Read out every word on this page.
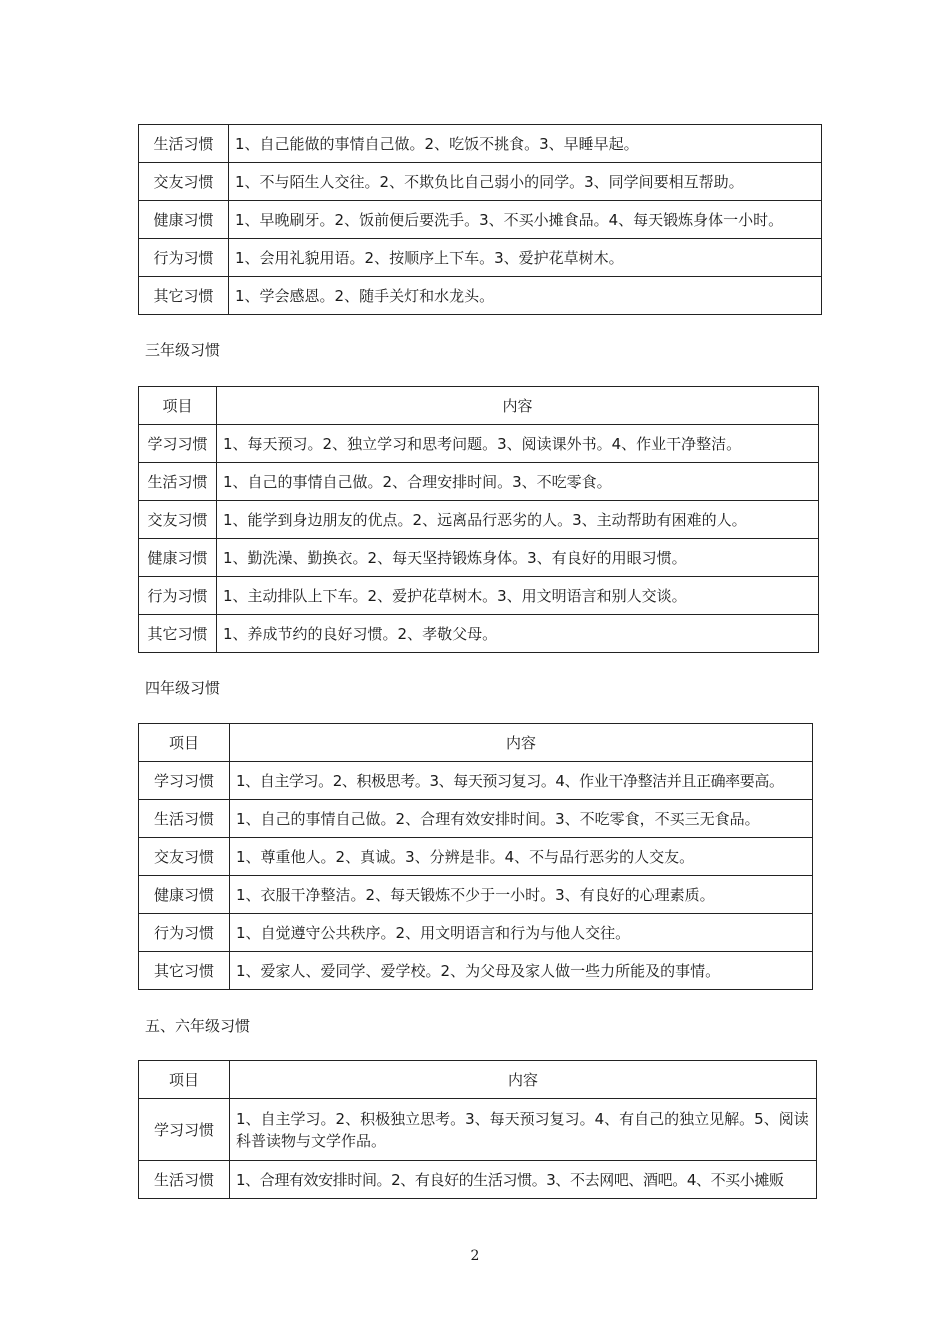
生活习惯	1、自己能做的事情自己做。2、吃饭不挑食。3、早睡早起。
交友习惯	1、不与陌生人交往。2、不欺负比自己弱小的同学。3、同学间要相互帮助。
健康习惯	1、早晚刷牙。2、饭前便后要洗手。3、不买小摊食品。4、每天锻炼身体一小时。
行为习惯	1、会用礼貌用语。2、按顺序上下车。3、爱护花草树木。
其它习惯	1、学会感恩。2、随手关灯和水龙头。
三年级习惯
项目	内容
学习习惯	1、每天预习。2、独立学习和思考问题。3、阅读课外书。4、作业干净整洁。
生活习惯	1、自己的事情自己做。2、合理安排时间。3、不吃零食。
交友习惯	1、能学到身边朋友的优点。2、远离品行恶劣的人。3、主动帮助有困难的人。
健康习惯	1、勤洗澡、勤换衣。2、每天坚持锻炼身体。3、有良好的用眼习惯。
行为习惯	1、主动排队上下车。2、爱护花草树木。3、用文明语言和别人交谈。
其它习惯	1、养成节约的良好习惯。2、孝敬父母。
四年级习惯
项目	内容
学习习惯	1、自主学习。2、积极思考。3、每天预习复习。4、作业干净整洁并且正确率要高。
生活习惯	1、自己的事情自己做。2、合理有效安排时间。3、不吃零食，不买三无食品。
交友习惯	1、尊重他人。2、真诚。3、分辨是非。4、不与品行恶劣的人交友。
健康习惯	1、衣服干净整洁。2、每天锻炼不少于一小时。3、有良好的心理素质。
行为习惯	1、自觉遵守公共秩序。2、用文明语言和行为与他人交往。
其它习惯	1、爱家人、爱同学、爱学校。2、为父母及家人做一些力所能及的事情。
五、六年级习惯
项目	内容
学习习惯	1、自主学习。2、积极独立思考。3、每天预习复习。4、有自己的独立见解。5、阅读科普读物与文学作品。
生活习惯	1、合理有效安排时间。2、有良好的生活习惯。3、不去网吧、酒吧。4、不买小摊贩
2
